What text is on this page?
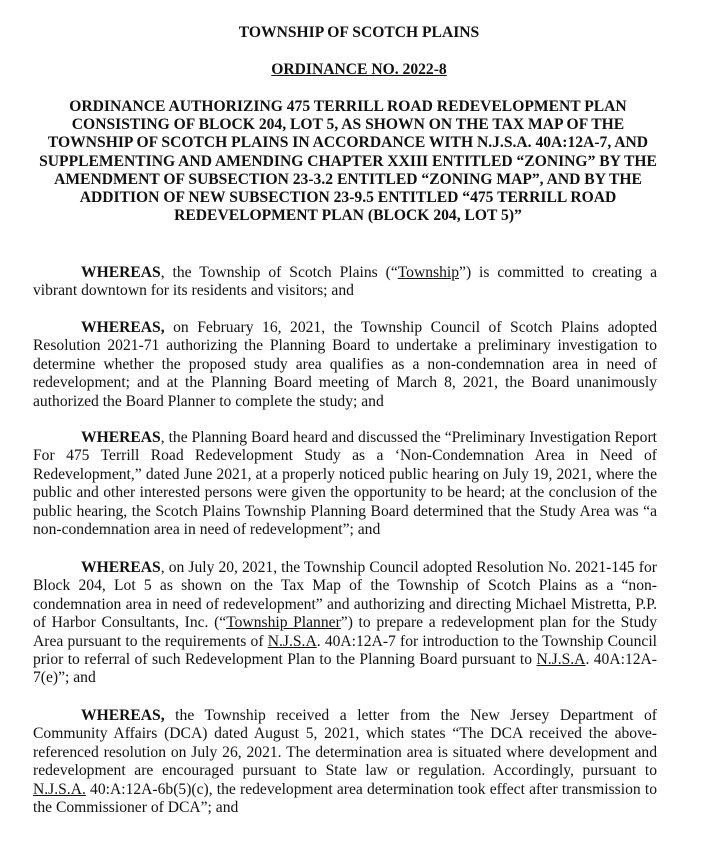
TOWNSHIP OF SCOTCH PLAINS
ORDINANCE NO. 2022-8
ORDINANCE AUTHORIZING 475 TERRILL ROAD REDEVELOPMENT PLAN CONSISTING OF BLOCK 204, LOT 5, AS SHOWN ON THE TAX MAP OF THE TOWNSHIP OF SCOTCH PLAINS IN ACCORDANCE WITH N.J.S.A. 40A:12A-7, AND SUPPLEMENTING AND AMENDING CHAPTER XXIII ENTITLED “ZONING” BY THE AMENDMENT OF SUBSECTION 23-3.2 ENTITLED “ZONING MAP”, AND BY THE ADDITION OF NEW SUBSECTION 23-9.5 ENTITLED “475 TERRILL ROAD REDEVELOPMENT PLAN (BLOCK 204, LOT 5)”

WHEREAS, the Township of Scotch Plains (“Township”) is committed to creating a vibrant downtown for its residents and visitors; and

WHEREAS, on February 16, 2021, the Township Council of Scotch Plains adopted Resolution 2021-71 authorizing the Planning Board to undertake a preliminary investigation to determine whether the proposed study area qualifies as a non-condemnation area in need of redevelopment; and at the Planning Board meeting of March 8, 2021, the Board unanimously authorized the Board Planner to complete the study; and

WHEREAS, the Planning Board heard and discussed the “Preliminary Investigation Report For 475 Terrill Road Redevelopment Study as a ‘Non-Condemnation Area in Need of Redevelopment,” dated June 2021, at a properly noticed public hearing on July 19, 2021, where the public and other interested persons were given the opportunity to be heard; at the conclusion of the public hearing, the Scotch Plains Township Planning Board determined that the Study Area was “a non-condemnation area in need of redevelopment”; and

WHEREAS, on July 20, 2021, the Township Council adopted Resolution No. 2021-145 for Block 204, Lot 5 as shown on the Tax Map of the Township of Scotch Plains as a “non-condemnation area in need of redevelopment” and authorizing and directing Michael Mistretta, P.P. of Harbor Consultants, Inc. (“Township Planner”) to prepare a redevelopment plan for the Study Area pursuant to the requirements of N.J.S.A. 40A:12A-7 for introduction to the Township Council prior to referral of such Redevelopment Plan to the Planning Board pursuant to N.J.S.A. 40A:12A-7(e)”; and

WHEREAS, the Township received a letter from the New Jersey Department of Community Affairs (DCA) dated August 5, 2021, which states “The DCA received the above-referenced resolution on July 26, 2021. The determination area is situated where development and redevelopment are encouraged pursuant to State law or regulation. Accordingly, pursuant to N.J.S.A. 40:A:12A-6b(5)(c), the redevelopment area determination took effect after transmission to the Commissioner of DCA”; and
